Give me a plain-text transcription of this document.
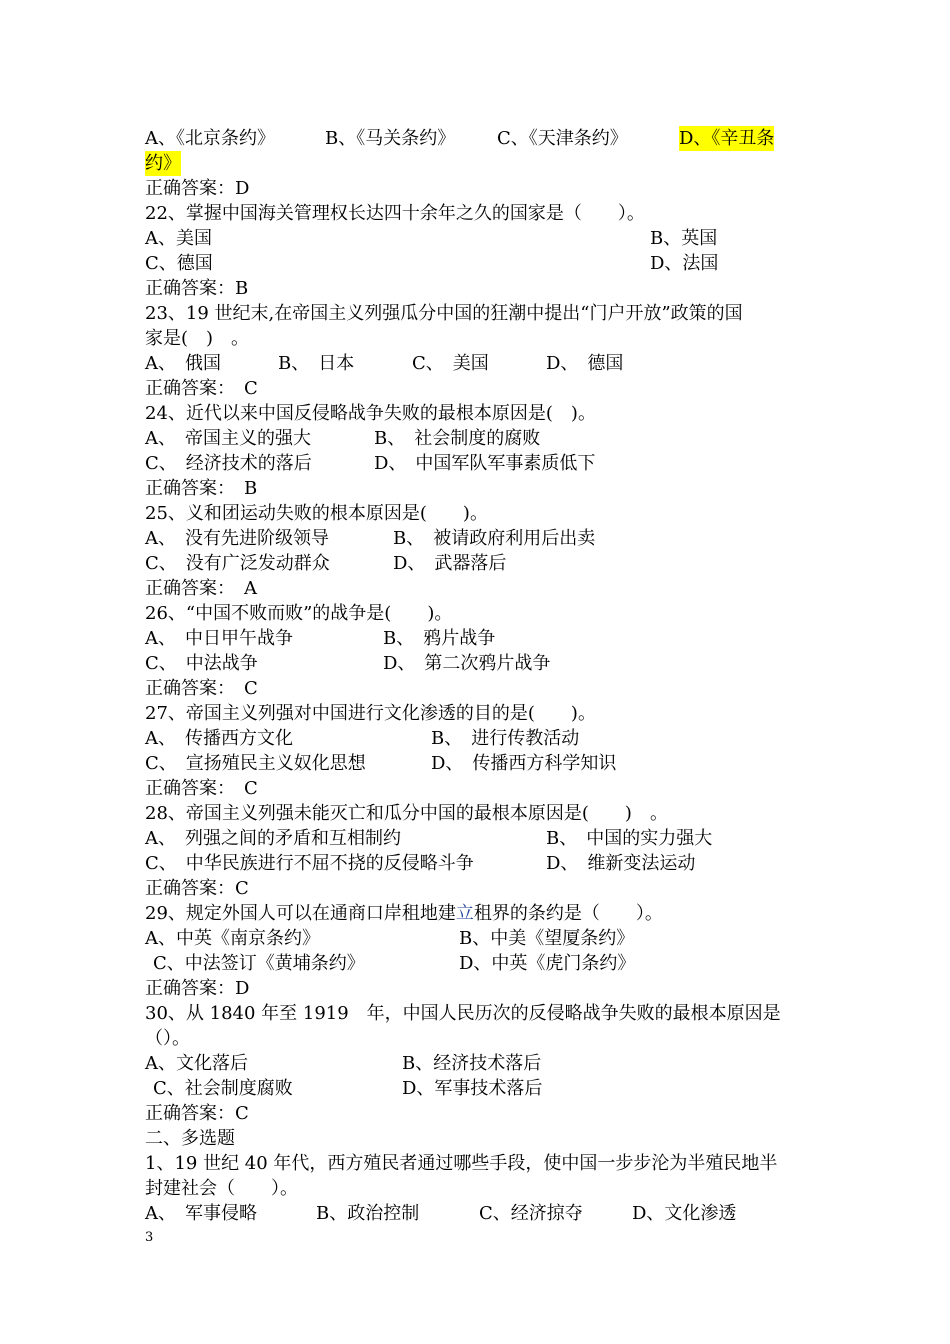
A、《北京条约》	B、《马关条约》 C、《天津条约》	D、《辛丑条
约》
正确答案：D
22、掌握中国海关管理权长达四十余年之久的国家是（　　）。
A、美国	B、英国
C、德国	D、法国
正确答案：B
23、19 世纪末,在帝国主义列强瓜分中国的狂潮中提出“门户开放”政策的国
家是(　)　。
A、　俄国	B、　日本	C、　美国	D、　德国
正确答案：　C
24、近代以来中国反侵略战争失败的最根本原因是(　)。
A、　帝国主义的强大	B、　社会制度的腐败
C、　经济技术的落后	D、　中国军队军事素质低下
正确答案：　B
25、义和团运动失败的根本原因是(　　)。
A、　没有先进阶级领导	B、　被请政府利用后出卖
C、　没有广泛发动群众	D、　武器落后
正确答案：　A
26、“中国不败而败”的战争是(　　)。
A、　中日甲午战争	B、　鸦片战争
C、　中法战争	D、　第二次鸦片战争
正确答案：　C
27、帝国主义列强对中国进行文化渗透的目的是(　　)。
A、　传播西方文化	B、　进行传教活动
C、　宣扬殖民主义奴化思想	D、　传播西方科学知识
正确答案：　C
28、帝国主义列强未能灭亡和瓜分中国的最根本原因是(　　)　。
A、　列强之间的矛盾和互相制约	B、　中国的实力强大
C、　中华民族进行不屈不挠的反侵略斗争	D、　维新变法运动
正确答案：C
29、规定外国人可以在通商口岸租地建立租界的条约是（　　）。
A、中英《南京条约》	B、中美《望厦条约》
C、中法签订《黄埔条约》	D、中英《虎门条约》
正确答案：D
30、从 1840 年至 1919　年，中国人民历次的反侵略战争失败的最根本原因是
（）。
A、文化落后	B、经济技术落后
C、社会制度腐败	D、军事技术落后
正确答案：C
二、多选题
1、19 世纪 40 年代，西方殖民者通过哪些手段，使中国一步步沦为半殖民地半
封建社会（　　）。
A、　军事侵略	B、政治控制	C、经济掠夺	D、文化渗透
3
